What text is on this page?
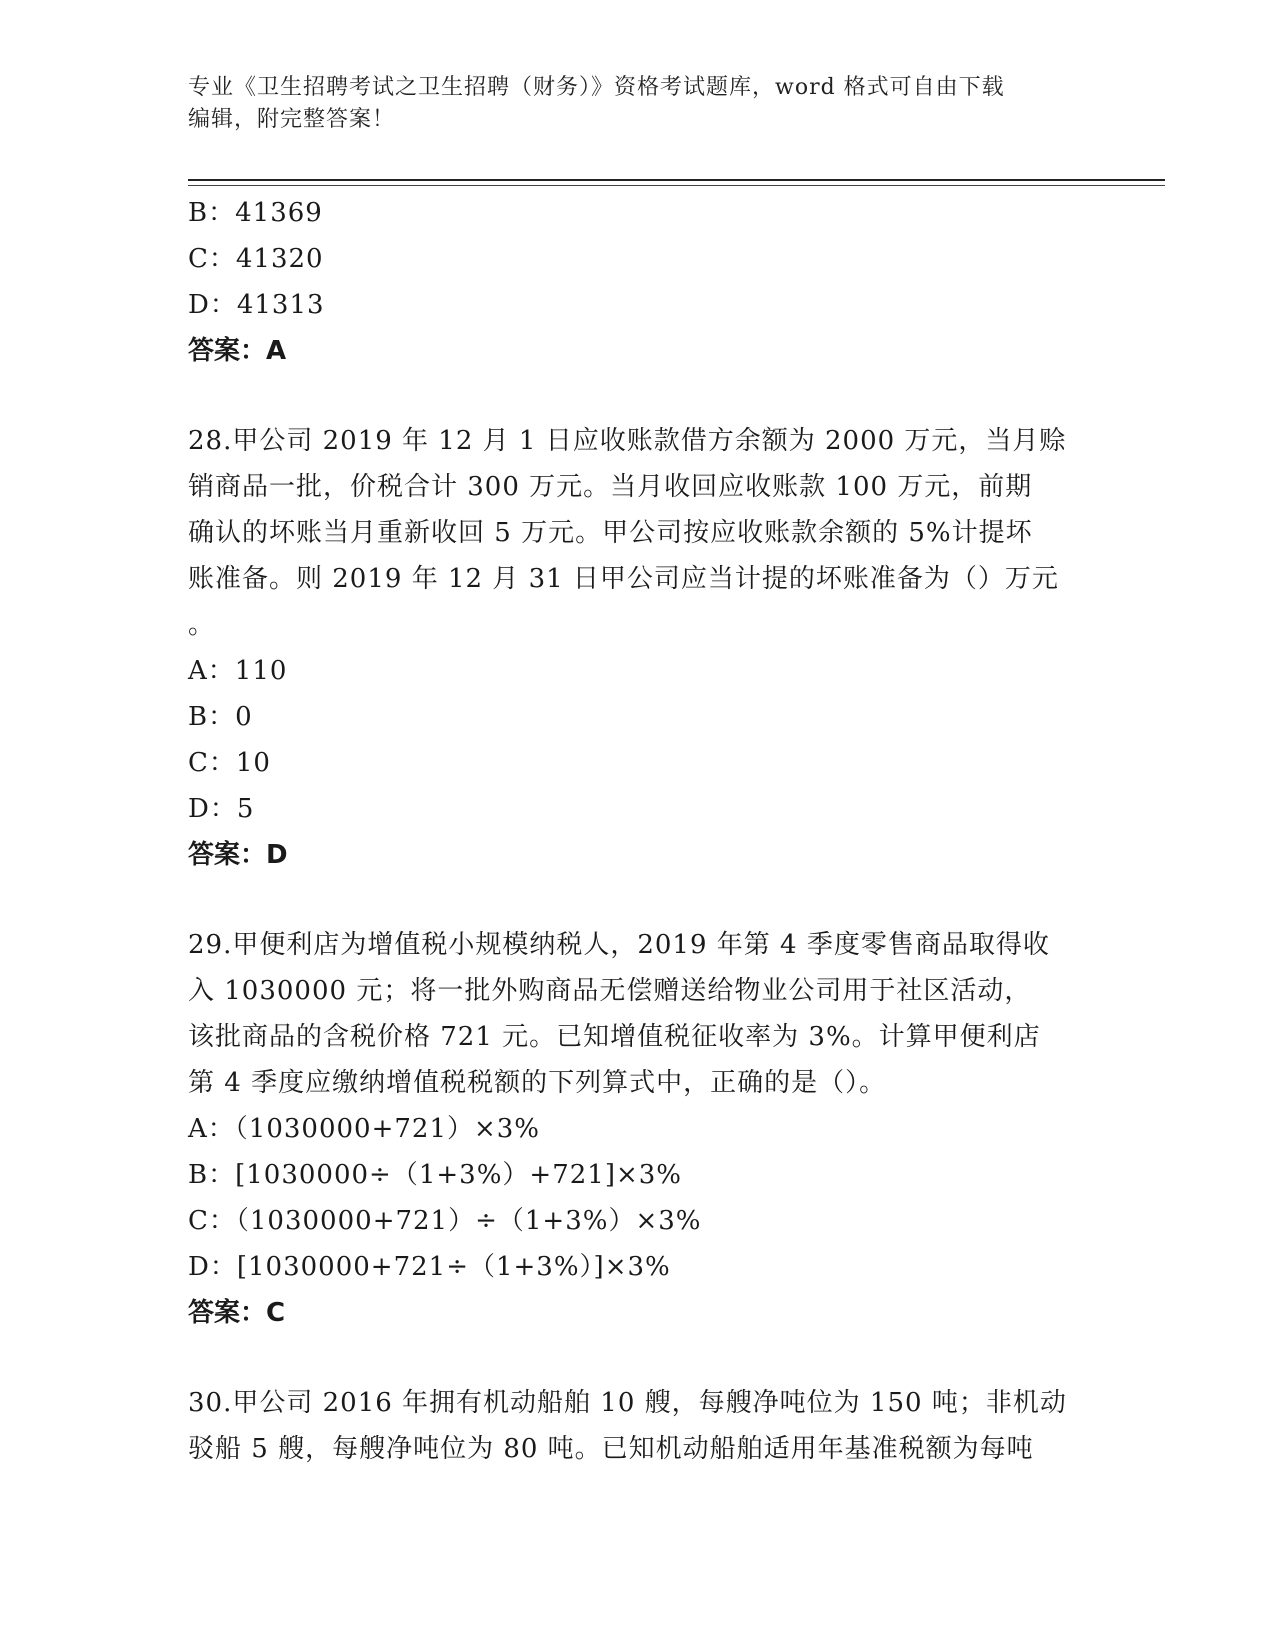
专业《卫生招聘考试之卫生招聘（财务）》资格考试题库，word 格式可自由下载
编辑，附完整答案！
B：41369
C：41320
D：41313
答案：A
28.甲公司 2019 年 12 月 1 日应收账款借方余额为 2000 万元，当月赊
销商品一批，价税合计 300 万元。当月收回应收账款 100 万元，前期
确认的坏账当月重新收回 5 万元。甲公司按应收账款余额的 5%计提坏
账准备。则 2019 年 12 月 31 日甲公司应当计提的坏账准备为（）万元
。
A：110
B：0
C：10
D：5
答案：D
29.甲便利店为增值税小规模纳税人，2019 年第 4 季度零售商品取得收
入 1030000 元；将一批外购商品无偿赠送给物业公司用于社区活动，
该批商品的含税价格 721 元。已知增值税征收率为 3%。计算甲便利店
第 4 季度应缴纳增值税税额的下列算式中，正确的是（）。
A：（1030000+721）×3%
B：[1030000÷（1+3%）+721]×3%
C：（1030000+721）÷（1+3%）×3%
D：[1030000+721÷（1+3%）]×3%
答案：C
30.甲公司 2016 年拥有机动船舶 10 艘，每艘净吨位为 150 吨；非机动
驳船 5 艘，每艘净吨位为 80 吨。已知机动船舶适用年基准税额为每吨
